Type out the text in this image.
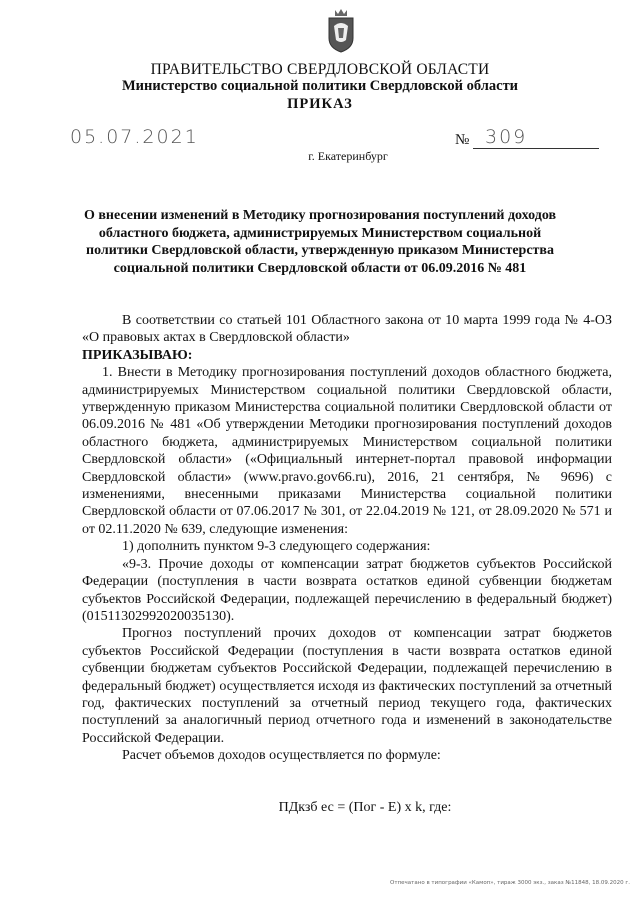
ПРАВИТЕЛЬСТВО СВЕРДЛОВСКОЙ ОБЛАСТИ
Министерство социальной политики Свердловской области
ПРИКАЗ
05.07.2021	№ 309
г. Екатеринбург
О внесении изменений в Методику прогнозирования поступлений доходов областного бюджета, администрируемых Министерством социальной политики Свердловской области, утвержденную приказом Министерства социальной политики Свердловской области от 06.09.2016 № 481

В соответствии со статьей 101 Областного закона от 10 марта 1999 года № 4-ОЗ «О правовых актах в Свердловской области»

ПРИКАЗЫВАЮ:

1. Внести в Методику прогнозирования поступлений доходов областного бюджета, администрируемых Министерством социальной политики Свердловской области, утвержденную приказом Министерства социальной политики Свердловской области от 06.09.2016 № 481 «Об утверждении Методики прогнозирования поступлений доходов областного бюджета, администрируемых Министерством социальной политики Свердловской области» («Официальный интернет-портал правовой информации Свердловской области» (www.pravo.gov66.ru), 2016, 21 сентября, № 9696) с изменениями, внесенными приказами Министерства социальной политики Свердловской области от 07.06.2017 № 301, от 22.04.2019 № 121, от 28.09.2020 № 571 и от 02.11.2020 № 639, следующие изменения:

1) дополнить пунктом 9-3 следующего содержания:

«9-3. Прочие доходы от компенсации затрат бюджетов субъектов Российской Федерации (поступления в части возврата остатков единой субвенции бюджетам субъектов Российской Федерации, подлежащей перечислению в федеральный бюджет) (01511302992020035130).

Прогноз поступлений прочих доходов от компенсации затрат бюджетов субъектов Российской Федерации (поступления в части возврата остатков единой субвенции бюджетам субъектов Российской Федерации, подлежащей перечислению в федеральный бюджет) осуществляется исходя из фактических поступлений за отчетный год, фактических поступлений за отчетный период текущего года, фактических поступлений за аналогичный период отчетного года и изменений в законодательстве Российской Федерации.

Расчет объемов доходов осуществляется по формуле:

ПДкзб ес = (Пог - Е) x k, где:
Отпечатано в типографии «Камоп», тираж 3000 экз., заказ №11848, 18.09.2020 г.
